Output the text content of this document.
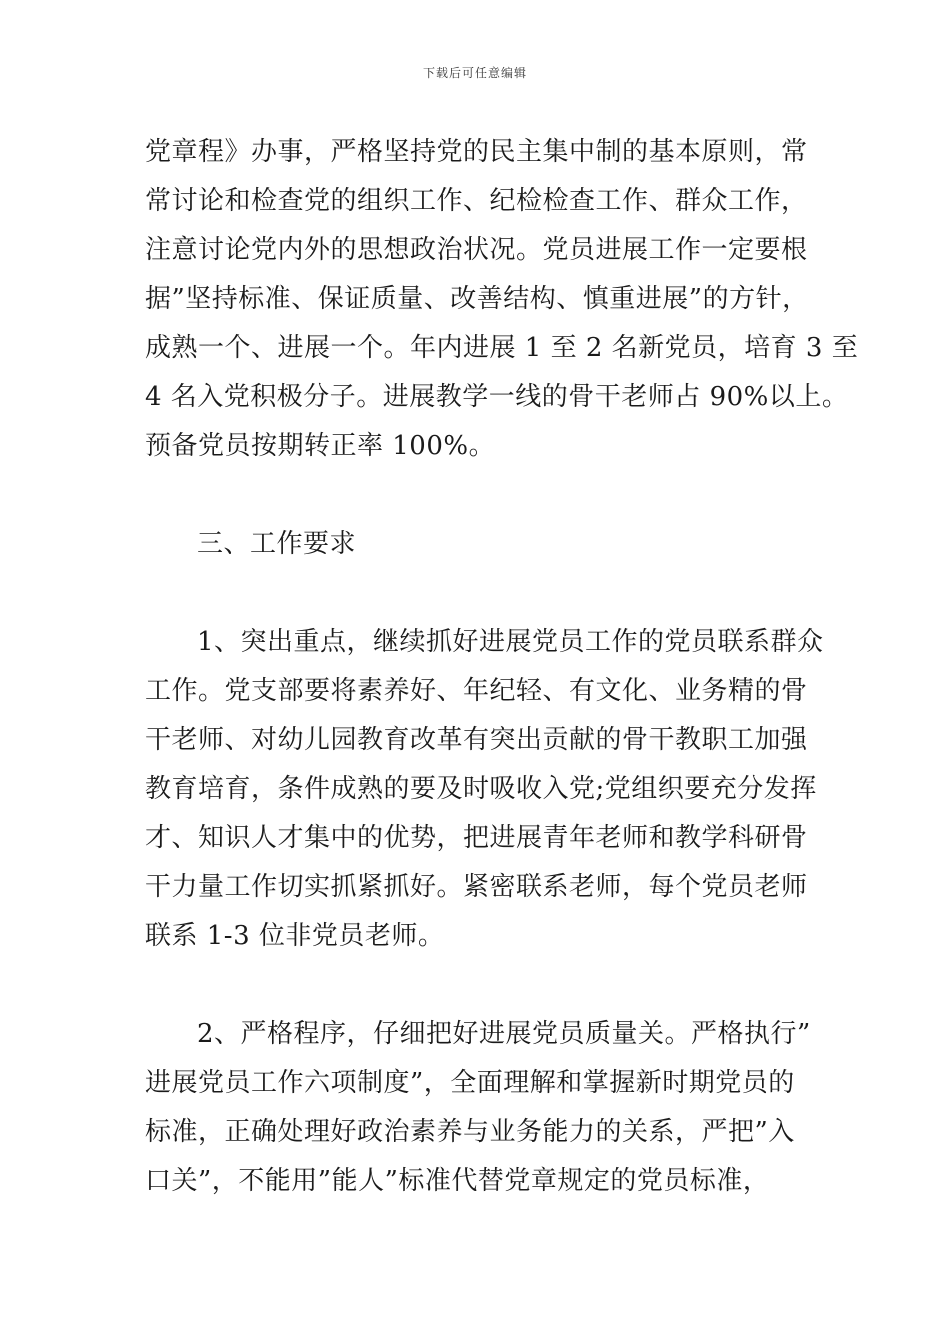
下载后可任意编辑
党章程》办事，严格坚持党的民主集中制的基本原则，常
常讨论和检查党的组织工作、纪检检查工作、群众工作，
注意讨论党内外的思想政治状况。党员进展工作一定要根
据”坚持标准、保证质量、改善结构、慎重进展”的方针，
成熟一个、进展一个。年内进展 1 至 2 名新党员，培育 3 至
4 名入党积极分子。进展教学一线的骨干老师占 90%以上。
预备党员按期转正率 100%。
三、工作要求
1、突出重点，继续抓好进展党员工作的党员联系群众
工作。党支部要将素养好、年纪轻、有文化、业务精的骨
干老师、对幼儿园教育改革有突出贡献的骨干教职工加强
教育培育，条件成熟的要及时吸收入党;党组织要充分发挥
才、知识人才集中的优势，把进展青年老师和教学科研骨
干力量工作切实抓紧抓好。紧密联系老师，每个党员老师
联系 1-3 位非党员老师。
2、严格程序，仔细把好进展党员质量关。严格执行”
进展党员工作六项制度”，全面理解和掌握新时期党员的
标准，正确处理好政治素养与业务能力的关系，严把”入
口关”，不能用”能人”标准代替党章规定的党员标准，
